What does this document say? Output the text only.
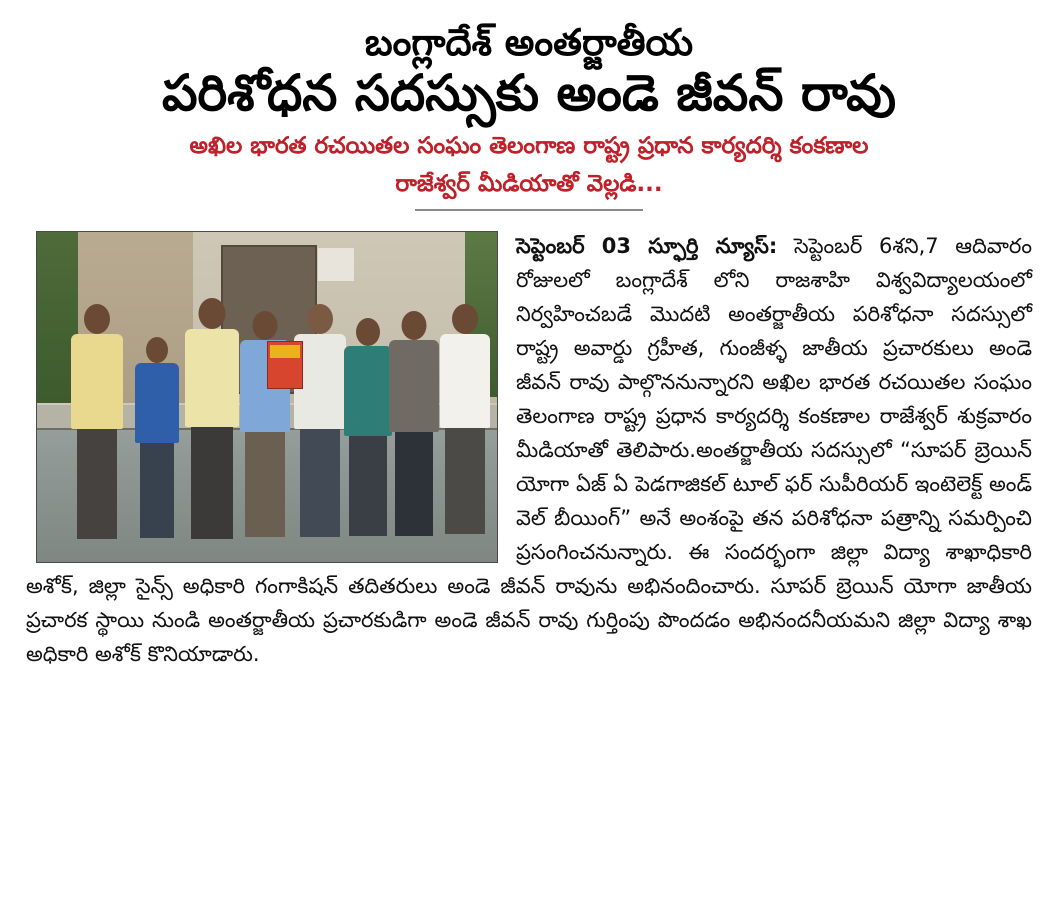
బంగ్లాదేశ్ అంతర్జాతీయ
పరిశోధన సదస్సుకు అండె జీవన్ రావు
అఖిల భారత రచయితల సంఘం తెలంగాణ రాష్ట్ర ప్రధాన కార్యదర్శి కంకణాల
రాజేశ్వర్ మీడియాతో వెల్లడి...

సెప్టెంబర్ 03 స్ఫూర్తి న్యూస్: సెప్టెంబర్ 6శని,7 ఆదివారం రోజులలో బంగ్లాదేశ్ లోని రాజశాహి విశ్వవిద్యాలయంలో నిర్వహించబడే మొదటి అంతర్జాతీయ పరిశోధనా సదస్సులో రాష్ట్ర అవార్డు గ్రహీత, గుంజీళ్ళ జాతీయ ప్రచారకులు అండె జీవన్ రావు పాల్గొననున్నారని అఖిల భారత రచయితల సంఘం తెలంగాణ రాష్ట్ర ప్రధాన కార్యదర్శి కంకణాల రాజేశ్వర్ శుక్రవారం మీడియాతో తెలిపారు.అంతర్జాతీయ సదస్సులో “సూపర్ బ్రెయిన్ యోగా ఏజ్ ఏ పెడగాజికల్ టూల్ ఫర్ సుపీరియర్ ఇంటెలెక్ట్ అండ్ వెల్ బీయింగ్” అనే అంశంపై తన పరిశోధనా పత్రాన్ని సమర్పించి ప్రసంగించనున్నారు. ఈ సందర్భంగా జిల్లా విద్యా శాఖాధికారి అశోక్, జిల్లా సైన్స్ అధికారి గంగాకిషన్ తదితరులు అండె జీవన్ రావును అభినందించారు. సూపర్ బ్రెయిన్ యోగా జాతీయ ప్రచారక స్థాయి నుండి అంతర్జాతీయ ప్రచారకుడిగా అండె జీవన్ రావు గుర్తింపు పొందడం అభినందనీయమని జిల్లా విద్యా శాఖ అధికారి అశోక్ కొనియాడారు.
